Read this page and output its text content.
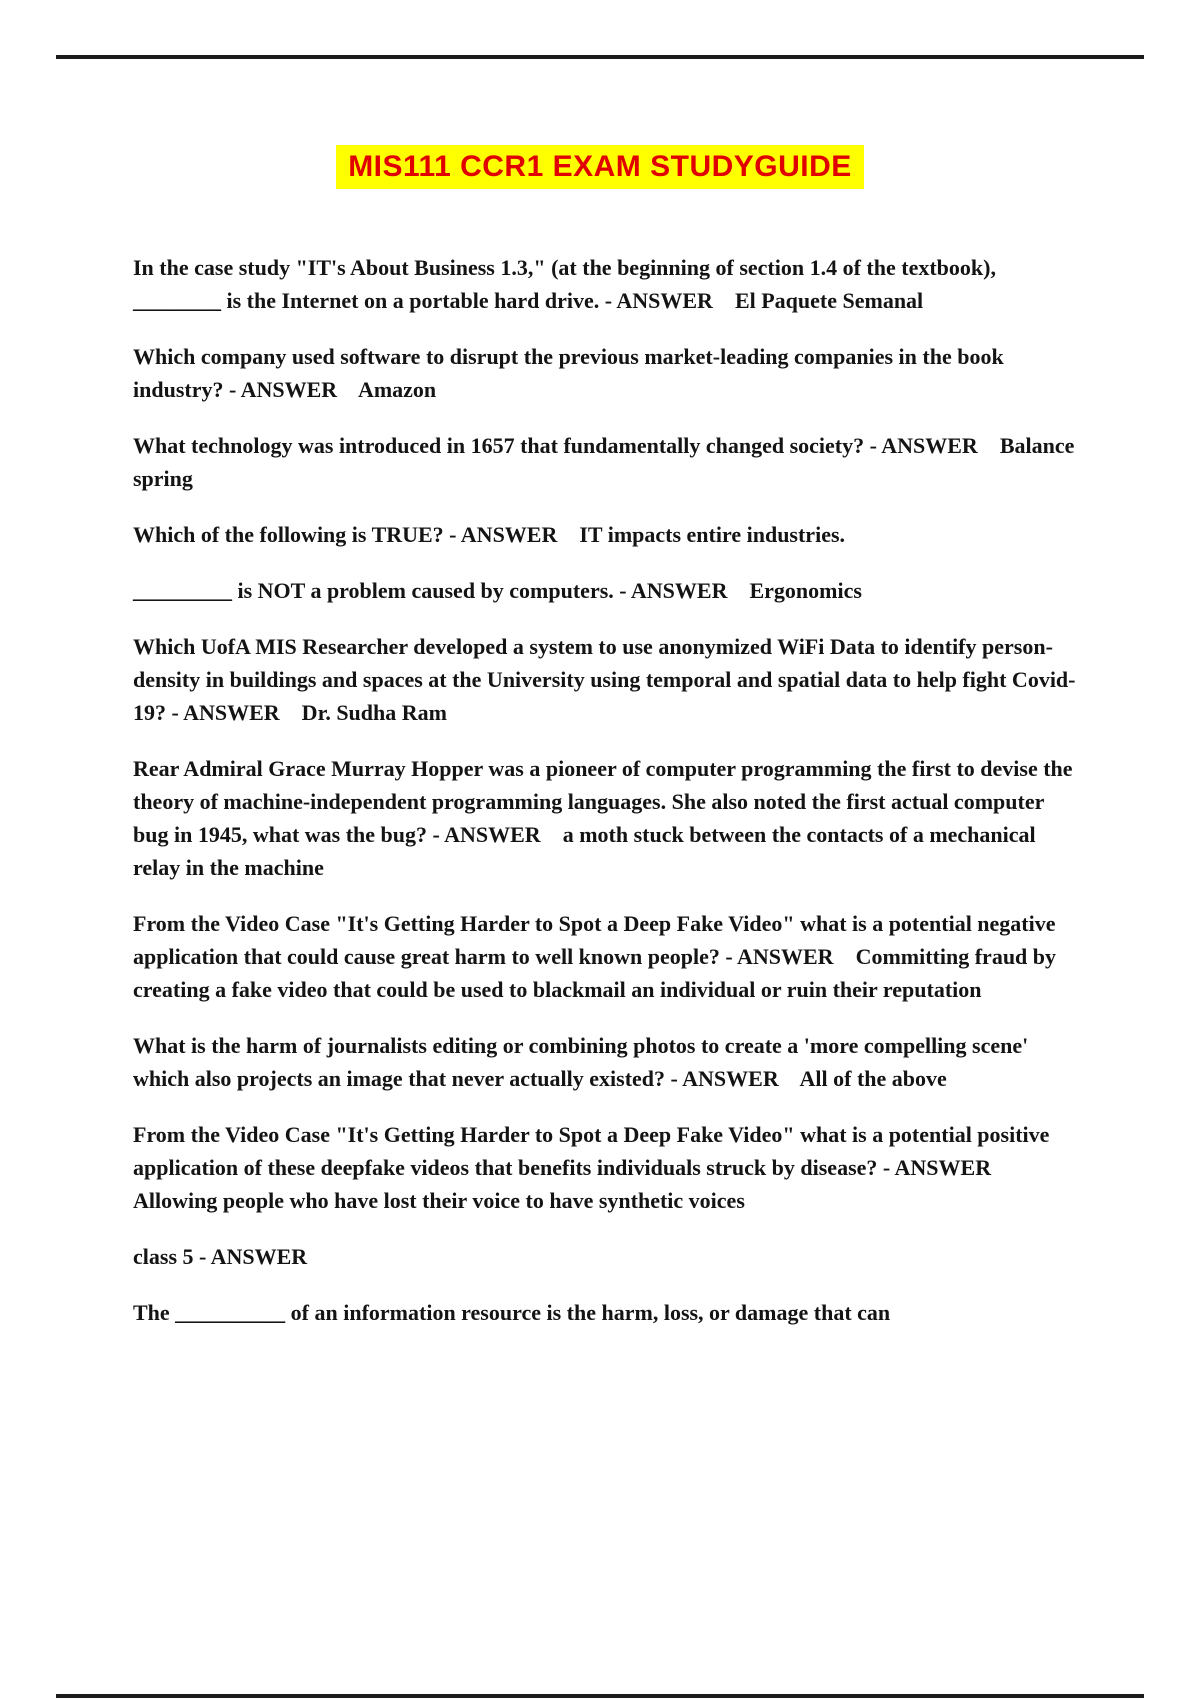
MIS111 CCR1 EXAM STUDYGUIDE

In the case study "IT's About Business 1.3," (at the beginning of section 1.4 of the textbook), ________ is the Internet on a portable hard drive. - ANSWER    El Paquete Semanal

Which company used software to disrupt the previous market-leading companies in the book industry? - ANSWER    Amazon

What technology was introduced in 1657 that fundamentally changed society? - ANSWER    Balance spring

Which of the following is TRUE? - ANSWER    IT impacts entire industries.

_________ is NOT a problem caused by computers. - ANSWER    Ergonomics

Which UofA MIS Researcher developed a system to use anonymized WiFi Data to identify person-density in buildings and spaces at the University using temporal and spatial data to help fight Covid-19? - ANSWER    Dr. Sudha Ram

Rear Admiral Grace Murray Hopper was a pioneer of computer programming the first to devise the theory of machine-independent programming languages. She also noted the first actual computer bug in 1945, what was the bug? - ANSWER    a moth stuck between the contacts of a mechanical relay in the machine

From the Video Case "It's Getting Harder to Spot a Deep Fake Video" what is a potential negative application that could cause great harm to well known people? - ANSWER    Committing fraud by creating a fake video that could be used to blackmail an individual or ruin their reputation

What is the harm of journalists editing or combining photos to create a 'more compelling scene' which also projects an image that never actually existed? - ANSWER    All of the above

From the Video Case "It's Getting Harder to Spot a Deep Fake Video" what is a potential positive application of these deepfake videos that benefits individuals struck by disease? - ANSWER    Allowing people who have lost their voice to have synthetic voices

class 5 - ANSWER

The __________ of an information resource is the harm, loss, or damage that can
